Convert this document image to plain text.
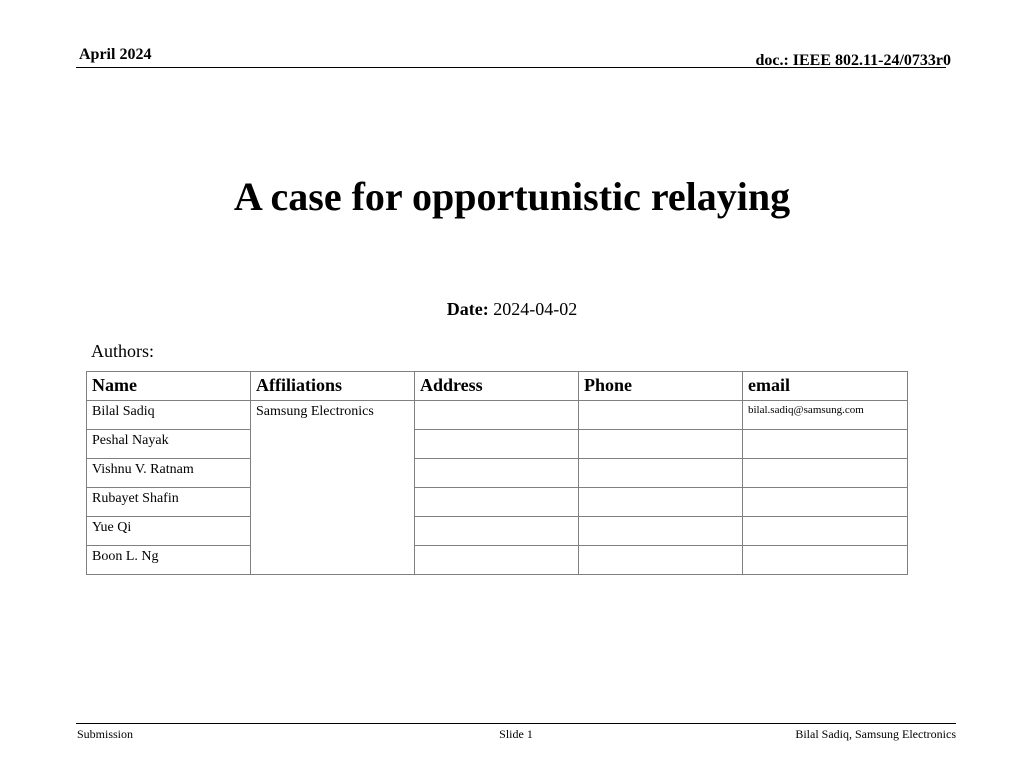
April 2024	doc.: IEEE 802.11-24/0733r0
A case for opportunistic relaying
Date: 2024-04-02
Authors:
Name	Affiliations	Address	Phone	email
Bilal Sadiq	Samsung Electronics			bilal.sadiq@samsung.com
Peshal Nayak				
Vishnu V. Ratnam				
Rubayet Shafin				
Yue Qi				
Boon L. Ng				
Submission	Slide 1	Bilal Sadiq, Samsung Electronics
